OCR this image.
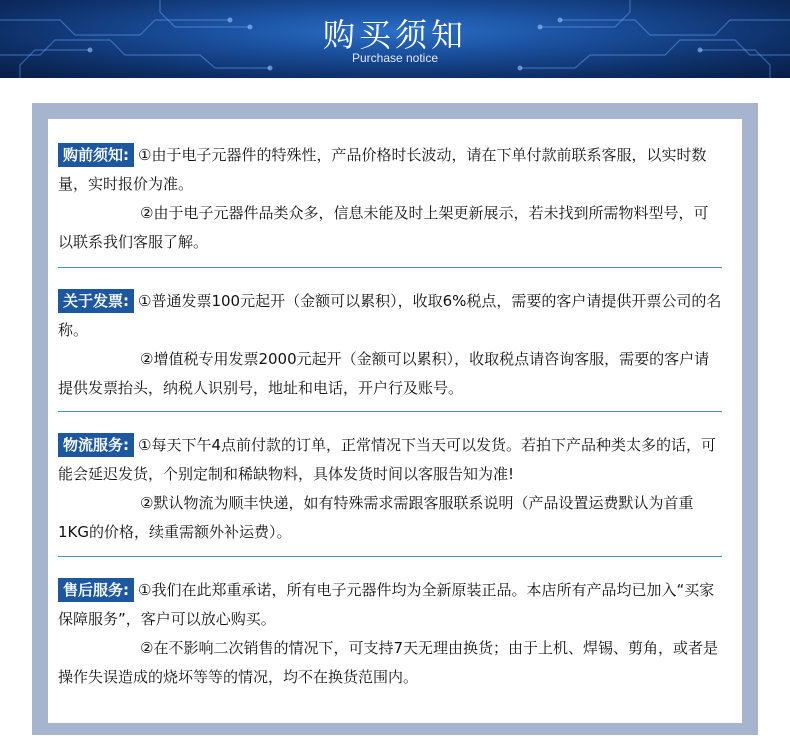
购买须知
Purchase notice

购前须知: ①由于电子元器件的特殊性，产品价格时长波动，请在下单付款前联系客服，以实时数量，实时报价为准。

②由于电子元器件品类众多，信息未能及时上架更新展示，若未找到所需物料型号，可以联系我们客服了解。

关于发票: ①普通发票100元起开（金额可以累积），收取6%税点，需要的客户请提供开票公司的名称。

②增值税专用发票2000元起开（金额可以累积），收取税点请咨询客服，需要的客户请提供发票抬头，纳税人识别号，地址和电话，开户行及账号。

物流服务: ①每天下午4点前付款的订单，正常情况下当天可以发货。若拍下产品种类太多的话，可能会延迟发货，个别定制和稀缺物料，具体发货时间以客服告知为准!

②默认物流为顺丰快递，如有特殊需求需跟客服联系说明（产品设置运费默认为首重1KG的价格，续重需额外补运费）。

售后服务: ①我们在此郑重承诺，所有电子元器件均为全新原装正品。本店所有产品均已加入“买家保障服务”，客户可以放心购买。

②在不影响二次销售的情况下，可支持7天无理由换货；由于上机、焊锡、剪角，或者是操作失误造成的烧坏等等的情况，均不在换货范围内。
